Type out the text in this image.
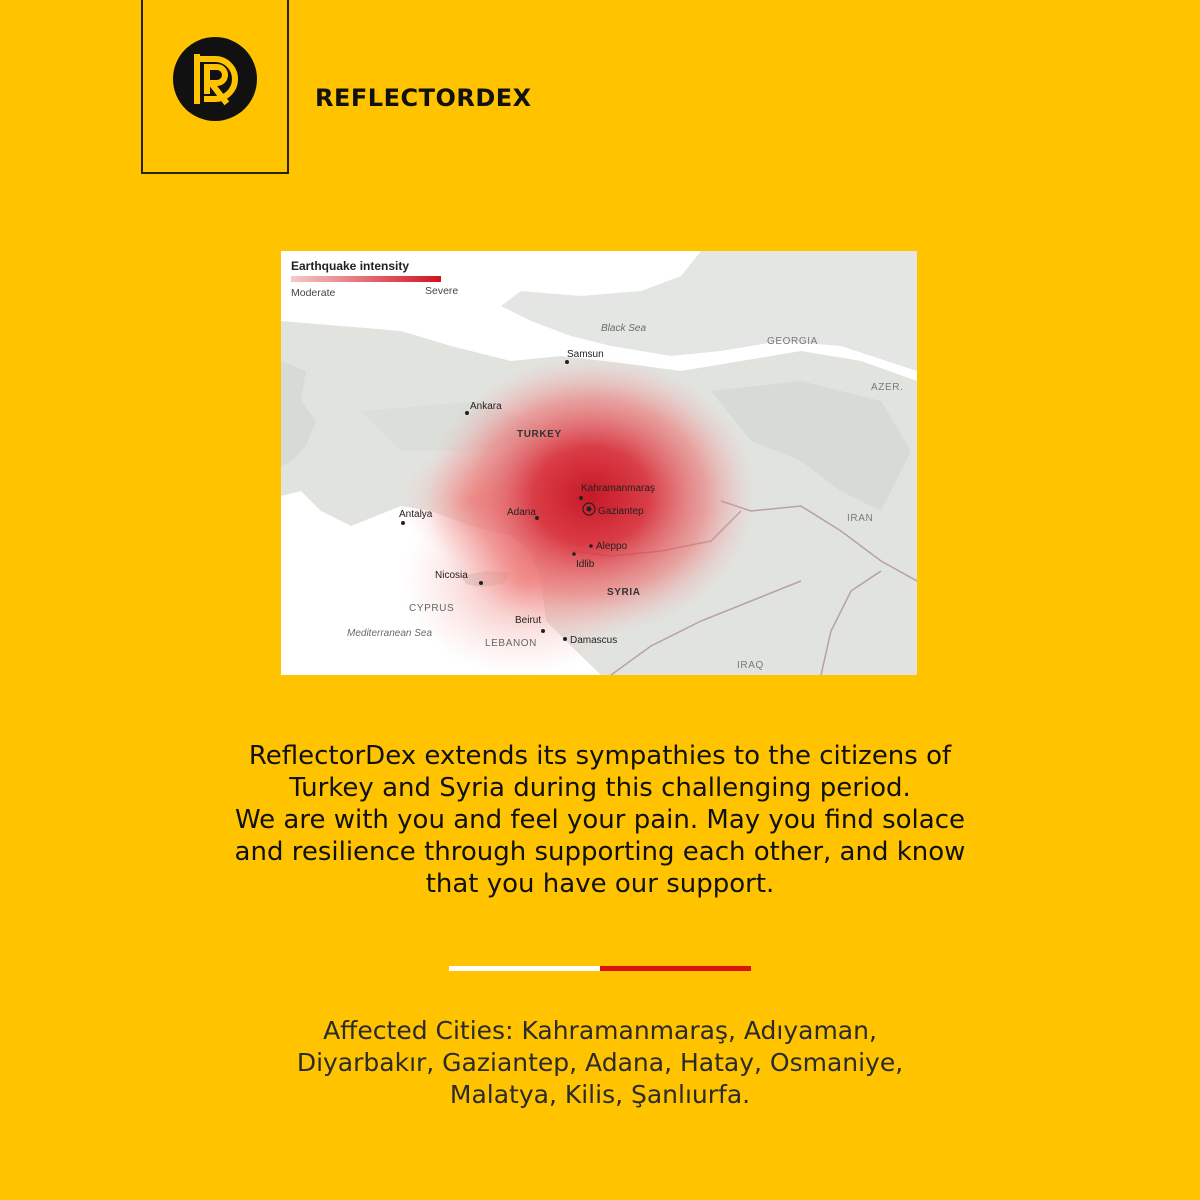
REFLECTORDEX
Earthquake intensity
Moderate	Severe
Black Sea
Mediterranean Sea
TURKEY
SYRIA
CYPRUS
LEBANON
GEORGIA
AZER.
IRAN
IRAQ
Samsun
Ankara
Kahramanmaraş
Gaziantep
Adana
Antalya
Aleppo
Idlib
Nicosia
Beirut
Damascus

ReflectorDex extends its sympathies to the citizens of

Turkey and Syria during this challenging period.

We are with you and feel your pain. May you find solace

and resilience through supporting each other, and know

that you have our support.

Affected Cities: Kahramanmaraş, Adıyaman,
Diyarbakır, Gaziantep, Adana, Hatay, Osmaniye,
Malatya, Kilis, Şanlıurfa.
